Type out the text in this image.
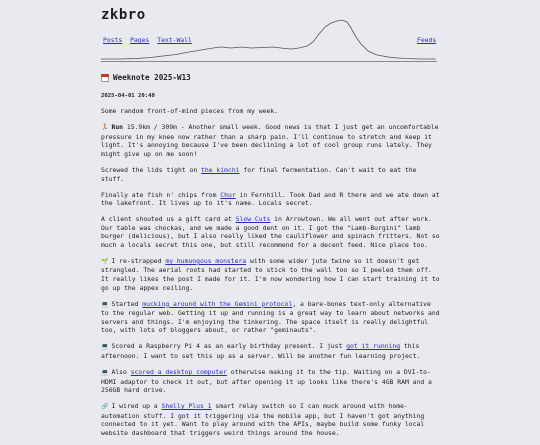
zkbro
Posts Pages Text-Wall	Feeds
Weeknote 2025-W13
2025-04-01 20:40

Some random front-of-mind pieces from my week.

🏃 Run 15.9km / 309m - Another small week. Good news is that I just get an uncomfortable pressure in my knee now rather than a sharp pain. I'll continue to stretch and keep it light. It's annoying because I've been declining a lot of cool group runs lately. They might give up on me soon!

Screwed the lids tight on the kimchi for final fermentation. Can't wait to eat the stuff.

Finally ate fish n' chips from Chur in Fernhill. Took Dad and R there and we ate down at the lakefront. It lives up to it's name. Locals secret.

A client shouted us a gift card at Slow Cuts in Arrowtown. We all went out after work. Our table was chockas, and we made a good dent on it. I got the "Lamb-Burgini" lamb burger (delicious), but I also really liked the cauliflower and spinach fritters. Not so much a locals secret this one, but still recommend for a decent feed. Nice place too.

🌱 I re-strapped my humungous monstera with some wider jute twine so it doesn't get strangled. The aerial roots had started to stick to the wall too so I peeled them off. It really likes the post I made for it. I'm now wondering how I can start training it to go up the appex ceiling.

💻 Started mucking around with the Gemini protocol, a bare-bones text-only alternative to the regular web. Getting it up and running is a great way to learn about networks and servers and things. I'm enjoying the tinkering. The space itself is really delightful too, with lots of bloggers about, or rather "geminauts".

💻 Scored a Raspberry Pi 4 as an early birthday present. I just got it running this afternoon. I want to set this up as a server. Will be another fun learning project.

💻 Also scored a desktop computer otherwise making it to the tip. Waiting on a DVI-to-HDMI adaptor to check it out, but after opening it up looks like there's 4GB RAM and a 256GB hard drive.

🔗 I wired up a Shelly Plus 1 smart relay switch so I can muck around with home-automation stuff. I got it triggering via the mobile app, but I haven't got anything connected to it yet. Want to play around with the APIs, maybe build some funky local website dashboard that triggers weird things around the house.
